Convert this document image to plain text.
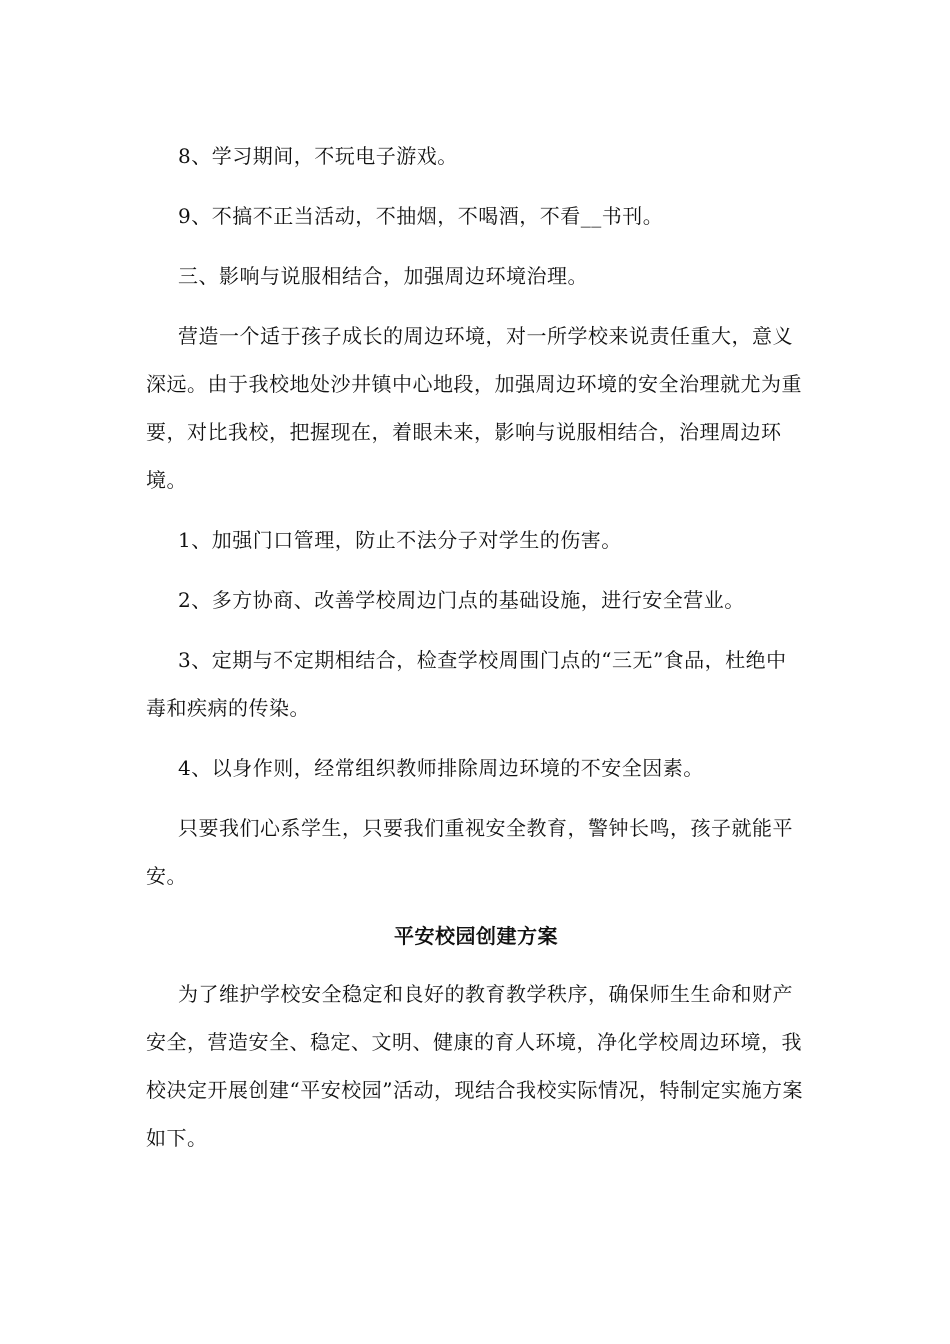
8、学习期间，不玩电子游戏。

9、不搞不正当活动，不抽烟，不喝酒，不看__书刊。

三、影响与说服相结合，加强周边环境治理。

营造一个适于孩子成长的周边环境，对一所学校来说责任重大，意义深远。由于我校地处沙井镇中心地段，加强周边环境的安全治理就尤为重要，对比我校，把握现在，着眼未来，影响与说服相结合，治理周边环境。

1、加强门口管理，防止不法分子对学生的伤害。

2、多方协商、改善学校周边门点的基础设施，进行安全营业。

3、定期与不定期相结合，检查学校周围门点的“三无”食品，杜绝中毒和疾病的传染。

4、以身作则，经常组织教师排除周边环境的不安全因素。

只要我们心系学生，只要我们重视安全教育，警钟长鸣，孩子就能平安。

平安校园创建方案

为了维护学校安全稳定和良好的教育教学秩序，确保师生生命和财产安全，营造安全、稳定、文明、健康的育人环境，净化学校周边环境，我校决定开展创建“平安校园”活动，现结合我校实际情况，特制定实施方案如下。
